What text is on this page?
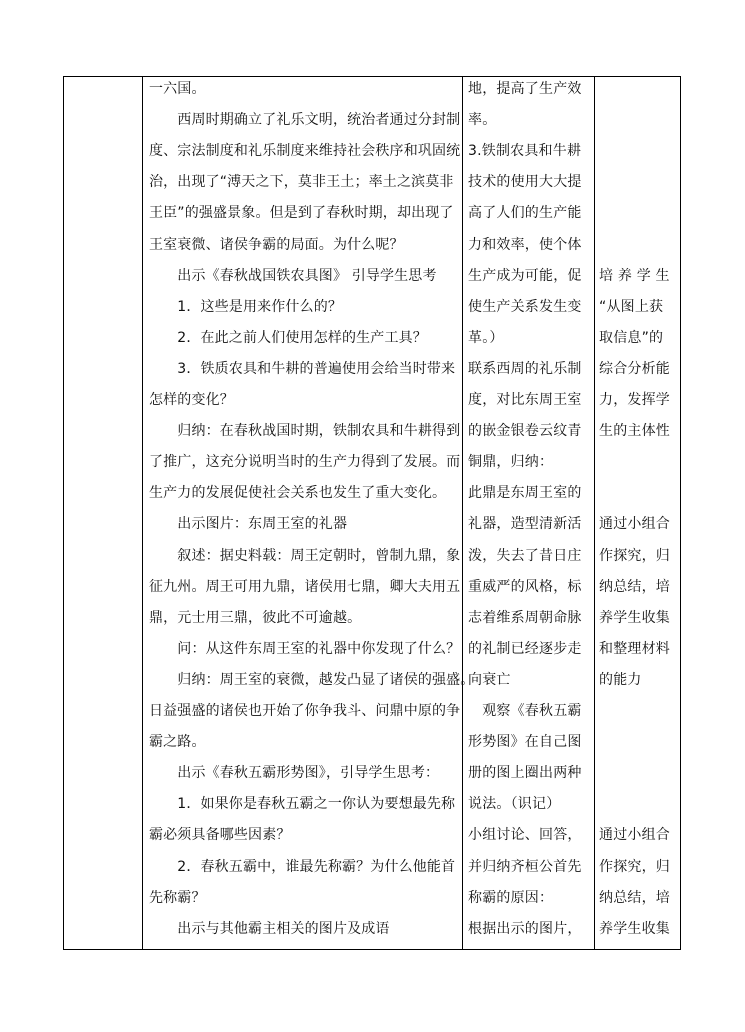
一六国。
　　西周时期确立了礼乐文明，统治者通过分封制
度、宗法制度和礼乐制度来维持社会秩序和巩固统
治，出现了“溥天之下，莫非王土；率土之滨莫非
王臣”的强盛景象。但是到了春秋时期，却出现了
王室衰微、诸侯争霸的局面。为什么呢？
　　出示《春秋战国铁农具图》 引导学生思考
　　1．这些是用来作什么的？
　　2．在此之前人们使用怎样的生产工具？
　　3．铁质农具和牛耕的普遍使用会给当时带来
怎样的变化？
　　归纳：在春秋战国时期，铁制农具和牛耕得到
了推广，这充分说明当时的生产力得到了发展。而
生产力的发展促使社会关系也发生了重大变化。
　　出示图片：东周王室的礼器
　　叙述：据史料载：周王定朝时，曾制九鼎，象
征九州。周王可用九鼎，诸侯用七鼎，卿大夫用五
鼎，元士用三鼎，彼此不可逾越。
　　问：从这件东周王室的礼器中你发现了什么？
　　归纳：周王室的衰微，越发凸显了诸侯的强盛。
日益强盛的诸侯也开始了你争我斗、问鼎中原的争
霸之路。
　　出示《春秋五霸形势图》，引导学生思考：
　　1．如果你是春秋五霸之一你认为要想最先称
霸必须具备哪些因素？
　　2．春秋五霸中，谁最先称霸？为什么他能首
先称霸？
　　出示与其他霸主相关的图片及成语
地，提高了生产效
率。
3.铁制农具和牛耕
技术的使用大大提
高了人们的生产能
力和效率，使个体
生产成为可能，促
使生产关系发生变
革。）
联系西周的礼乐制
度，对比东周王室
的嵌金银卷云纹青
铜鼎，归纳：
此鼎是东周王室的
礼器，造型清新活
泼，失去了昔日庄
重威严的风格，标
志着维系周朝命脉
的礼制已经逐步走
向衰亡
　观察《春秋五霸
形势图》在自己图
册的图上圈出两种
说法。（识记）
小组讨论、回答，
并归纳齐桓公首先
称霸的原因：
根据出示的图片，
培 养 学 生
“从图上获
取信息”的
综合分析能
力，发挥学
生的主体性
通过小组合
作探究，归
纳总结，培
养学生收集
和整理材料
的能力
通过小组合
作探究，归
纳总结，培
养学生收集
